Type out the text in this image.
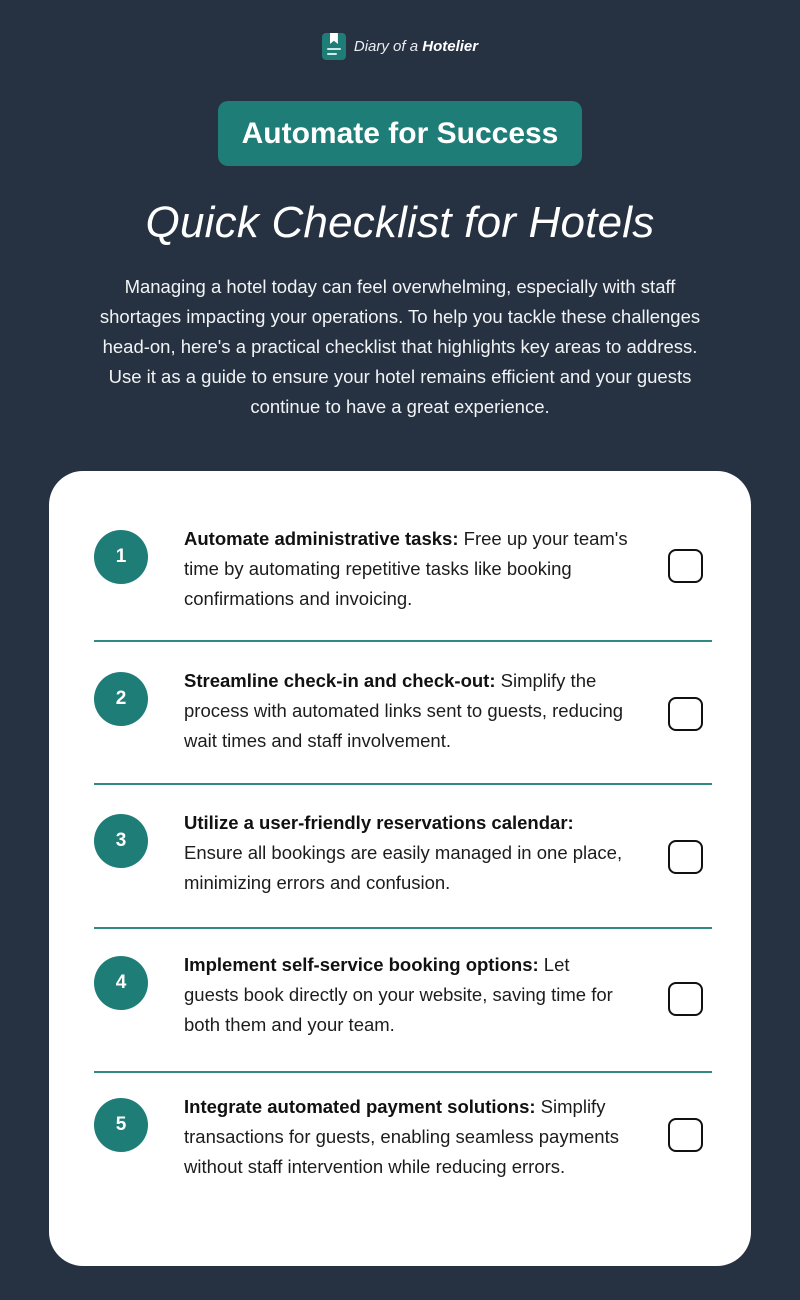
Diary of a Hotelier
Automate for Success
Quick Checklist for Hotels
Managing a hotel today can feel overwhelming, especially with staff shortages impacting your operations. To help you tackle these challenges head-on, here's a practical checklist that highlights key areas to address. Use it as a guide to ensure your hotel remains efficient and your guests continue to have a great experience.
1
Automate administrative tasks: Free up your team's time by automating repetitive tasks like booking confirmations and invoicing.
2
Streamline check-in and check-out: Simplify the process with automated links sent to guests, reducing wait times and staff involvement.
3
Utilize a user-friendly reservations calendar: Ensure all bookings are easily managed in one place, minimizing errors and confusion.
4
Implement self-service booking options: Let guests book directly on your website, saving time for both them and your team.
5
Integrate automated payment solutions: Simplify transactions for guests, enabling seamless payments without staff intervention while reducing errors.
